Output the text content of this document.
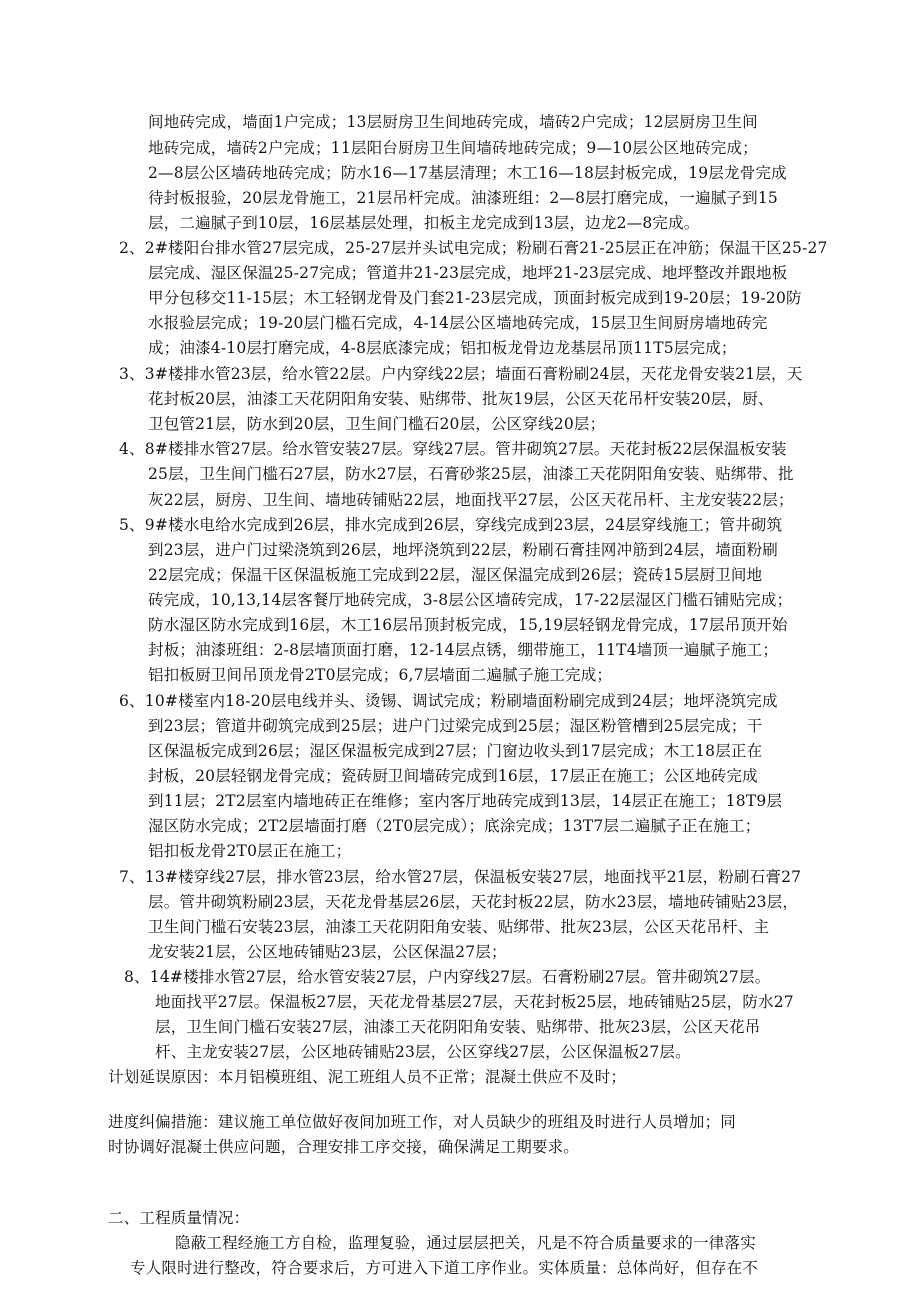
间地砖完成，墙面1户完成；13层厨房卫生间地砖完成，墙砖2户完成；12层厨房卫生间
地砖完成，墙砖2户完成；11层阳台厨房卫生间墙砖地砖完成；9—10层公区地砖完成；
2—8层公区墙砖地砖完成；防水16—17基层清理；木工16—18层封板完成，19层龙骨完成
待封板报验，20层龙骨施工，21层吊杆完成。油漆班组：2—8层打磨完成，一遍腻子到15
层，二遍腻子到10层，16层基层处理，扣板主龙完成到13层，边龙2—8完成。
2、2#楼阳台排水管27层完成，25-27层并头试电完成；粉刷石膏21-25层正在冲筋；保温干区25-27
层完成、湿区保温25-27完成；管道井21-23层完成，地坪21-23层完成、地坪整改并跟地板
甲分包移交11-15层；木工轻钢龙骨及门套21-23层完成，顶面封板完成到19-20层；19-20防
水报验层完成；19-20层门槛石完成，4-14层公区墙地砖完成，15层卫生间厨房墙地砖完
成；油漆4-10层打磨完成，4-8层底漆完成；铝扣板龙骨边龙基层吊顶11T5层完成；
3、3#楼排水管23层，给水管22层。户内穿线22层；墙面石膏粉刷24层，天花龙骨安装21层，天
花封板20层，油漆工天花阴阳角安装、贴绑带、批灰19层，公区天花吊杆安装20层，厨、
卫包管21层，防水到20层，卫生间门槛石20层，公区穿线20层；
4、8#楼排水管27层。给水管安装27层。穿线27层。管井砌筑27层。天花封板22层保温板安装
25层，卫生间门槛石27层，防水27层，石膏砂浆25层，油漆工天花阴阳角安装、贴绑带、批
灰22层，厨房、卫生间、墙地砖铺贴22层，地面找平27层，公区天花吊杆、主龙安装22层；
5、9#楼水电给水完成到26层，排水完成到26层，穿线完成到23层，24层穿线施工；管井砌筑
到23层，进户门过梁浇筑到26层，地坪浇筑到22层，粉刷石膏挂网冲筋到24层，墙面粉刷
22层完成；保温干区保温板施工完成到22层，湿区保温完成到26层；瓷砖15层厨卫间地
砖完成，10,13,14层客餐厅地砖完成，3-8层公区墙砖完成，17-22层湿区门槛石铺贴完成；
防水湿区防水完成到16层，木工16层吊顶封板完成，15,19层轻钢龙骨完成，17层吊顶开始
封板；油漆班组：2-8层墙顶面打磨，12-14层点锈，绷带施工，11T4墙顶一遍腻子施工；
铝扣板厨卫间吊顶龙骨2T0层完成；6,7层墙面二遍腻子施工完成；
6、10#楼室内18-20层电线并头、烫锡、调试完成；粉刷墙面粉刷完成到24层；地坪浇筑完成
到23层；管道井砌筑完成到25层；进户门过梁完成到25层；湿区粉管槽到25层完成；干
区保温板完成到26层；湿区保温板完成到27层；门窗边收头到17层完成；木工18层正在
封板，20层轻钢龙骨完成；瓷砖厨卫间墙砖完成到16层，17层正在施工；公区地砖完成
到11层；2T2层室内墙地砖正在维修；室内客厅地砖完成到13层，14层正在施工；18T9层
湿区防水完成；2T2层墙面打磨（2T0层完成）；底涂完成；13T7层二遍腻子正在施工；
铝扣板龙骨2T0层正在施工；
7、13#楼穿线27层，排水管23层，给水管27层，保温板安装27层，地面找平21层，粉刷石膏27
层。管井砌筑粉刷23层，天花龙骨基层26层，天花封板22层，防水23层，墙地砖铺贴23层，
卫生间门槛石安装23层，油漆工天花阴阳角安装、贴绑带、批灰23层，公区天花吊杆、主
龙安装21层，公区地砖铺贴23层，公区保温27层；
8、14#楼排水管27层，给水管安装27层，户内穿线27层。石膏粉刷27层。管井砌筑27层。
地面找平27层。保温板27层，天花龙骨基层27层，天花封板25层，地砖铺贴25层，防水27
层，卫生间门槛石安装27层，油漆工天花阴阳角安装、贴绑带、批灰23层，公区天花吊
杆、主龙安装27层，公区地砖铺贴23层，公区穿线27层，公区保温板27层。
计划延误原因：本月铝模班组、泥工班组人员不正常；混凝土供应不及时；
进度纠偏措施：建议施工单位做好夜间加班工作，对人员缺少的班组及时进行人员增加；同
时协调好混凝土供应问题，合理安排工序交接，确保满足工期要求。
二、工程质量情况：
隐蔽工程经施工方自检，监理复验，通过层层把关，凡是不符合质量要求的一律落实
专人限时进行整改，符合要求后，方可进入下道工序作业。实体质量：总体尚好，但存在不
